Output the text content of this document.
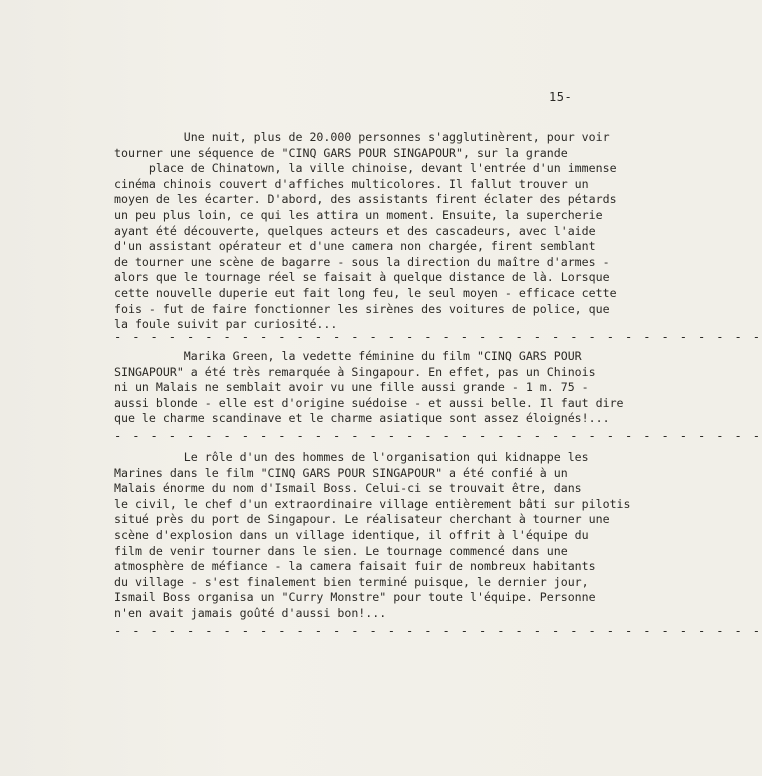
15-
Une nuit, plus de 20.000 personnes s'agglutinèrent, pour voir
tourner une séquence de "CINQ GARS POUR SINGAPOUR", sur la grande
place de Chinatown, la ville chinoise, devant l'entrée d'un immense
cinéma chinois couvert d'affiches multicolores. Il fallut trouver un
moyen de les écarter. D'abord, des assistants firent éclater des pétards
un peu plus loin, ce qui les attira un moment. Ensuite, la supercherie
ayant été découverte, quelques acteurs et des cascadeurs, avec l'aide
d'un assistant opérateur et d'une camera non chargée, firent semblant
de tourner une scène de bagarre - sous la direction du maître d'armes -
alors que le tournage réel se faisait à quelque distance de là. Lorsque
cette nouvelle duperie eut fait long feu, le seul moyen - efficace cette
fois - fut de faire fonctionner les sirènes des voitures de police, que
la foule suivit par curiosité...
- - - - - - - - - - - - - - - - - - - - - - - - - - - - - - - - - - - -
Marika Green, la vedette féminine du film "CINQ GARS POUR
SINGAPOUR" a été très remarquée à Singapour. En effet, pas un Chinois
ni un Malais ne semblait avoir vu une fille aussi grande - 1 m. 75 -
aussi blonde - elle est d'origine suédoise - et aussi belle. Il faut dire
que le charme scandinave et le charme asiatique sont assez éloignés!...
- - - - - - - - - - - - - - - - - - - - - - - - - - - - - - - - - - - -
Le rôle d'un des hommes de l'organisation qui kidnappe les
Marines dans le film "CINQ GARS POUR SINGAPOUR" a été confié à un
Malais énorme du nom d'Ismail Boss. Celui-ci se trouvait être, dans
le civil, le chef d'un extraordinaire village entièrement bâti sur pilotis
situé près du port de Singapour. Le réalisateur cherchant à tourner une
scène d'explosion dans un village identique, il offrit à l'équipe du
film de venir tourner dans le sien. Le tournage commencé dans une
atmosphère de méfiance - la camera faisait fuir de nombreux habitants
du village - s'est finalement bien terminé puisque, le dernier jour,
Ismail Boss organisa un "Curry Monstre" pour toute l'équipe. Personne
n'en avait jamais goûté d'aussi bon!...
- - - - - - - - - - - - - - - - - - - - - - - - - - - - - - - - - - - -
